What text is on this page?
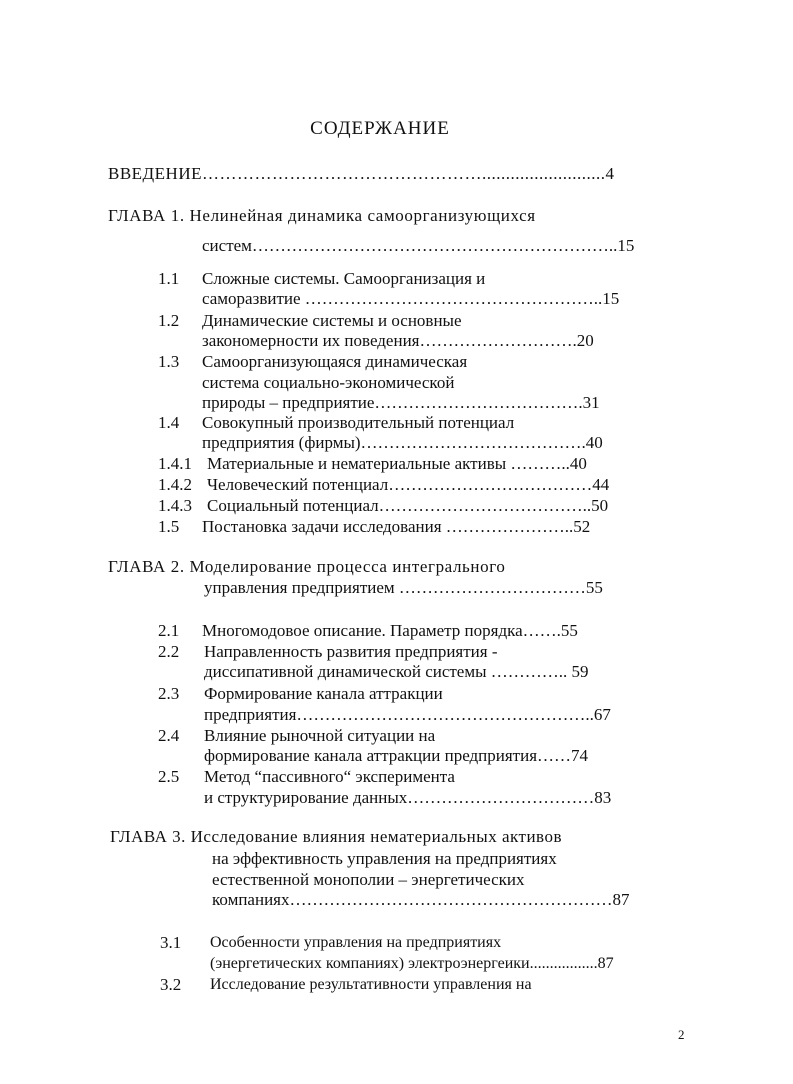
СОДЕРЖАНИЕ
ВВЕДЕНИЕ…………………………………………..........................4
ГЛАВА 1. Нелинейная динамика самоорганизующихся
систем………………………………………………………..15
1.1 Сложные системы. Самоорганизация и
саморазвитие ……………………………………………..15
1.2 Динамические системы и основные
закономерности их поведения……………………….20
1.3 Самоорганизующаяся динамическая
система социально-экономической
природы – предприятие……………………………….31
1.4 Совокупный производительный потенциал
предприятия (фирмы)………………………………….40
1.4.1 Материальные и нематериальные активы ………..40
1.4.2 Человеческий потенциал………………………………44
1.4.3 Социальный потенциал………………………………..50
1.5 Постановка задачи исследования …………………..52
ГЛАВА 2. Моделирование процесса интегрального
управления предприятием ……………………………55
2.1 Многомодовое описание. Параметр порядка…….55
2.2 Направленность развития предприятия -
диссипативной динамической системы ………….. 59
2.3 Формирование канала аттракции
предприятия……………………………………………..67
2.4 Влияние рыночной ситуации на
формирование канала аттракции предприятия……74
2.5 Метод “пассивного“ эксперимента
и структурирование данных……………………………83
ГЛАВА 3. Исследование влияния нематериальных активов
на эффективность управления на предприятиях
естественной монополии – энергетических
компаниях…………………………………………………87
3.1 Особенности управления на предприятиях
(энергетических компаниях) электроэнергеики.................87
3.2 Исследование результативности управления на
2
